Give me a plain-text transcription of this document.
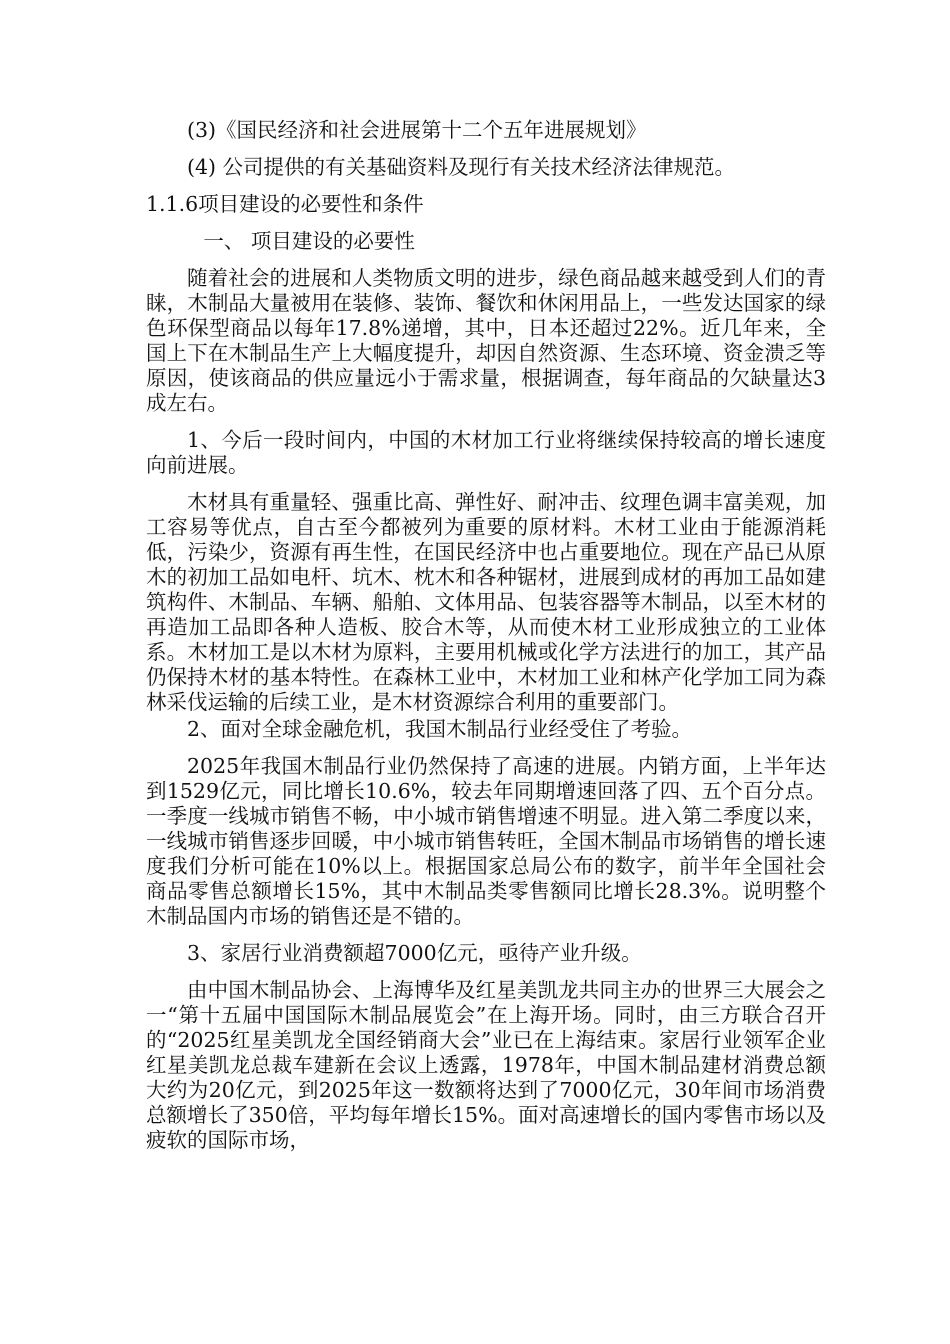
(3)《国民经济和社会进展第十二个五年进展规划》

(4) 公司提供的有关基础资料及现行有关技术经济法律规范。

1.1.6项目建设的必要性和条件

一、 项目建设的必要性

随着社会的进展和人类物质文明的进步，绿色商品越来越受到人们的青睐，木制品大量被用在装修、装饰、餐饮和休闲用品上，一些发达国家的绿色环保型商品以每年17.8%递增，其中，日本还超过22%。近几年来，全国上下在木制品生产上大幅度提升，却因自然资源、生态环境、资金溃乏等原因，使该商品的供应量远小于需求量，根据调查，每年商品的欠缺量达3成左右。

1、今后一段时间内，中国的木材加工行业将继续保持较高的增长速度向前进展。

木材具有重量轻、强重比高、弹性好、耐冲击、纹理色调丰富美观，加工容易等优点，自古至今都被列为重要的原材料。木材工业由于能源消耗低，污染少，资源有再生性，在国民经济中也占重要地位。现在产品已从原木的初加工品如电杆、坑木、枕木和各种锯材，进展到成材的再加工品如建筑构件、木制品、车辆、船舶、文体用品、包装容器等木制品，以至木材的再造加工品即各种人造板、胶合木等，从而使木材工业形成独立的工业体系。木材加工是以木材为原料，主要用机械或化学方法进行的加工，其产品仍保持木材的基本特性。在森林工业中，木材加工业和林产化学加工同为森林采伐运输的后续工业，是木材资源综合利用的重要部门。

2、面对全球金融危机，我国木制品行业经受住了考验。

2025年我国木制品行业仍然保持了高速的进展。内销方面，上半年达到1529亿元，同比增长10.6%，较去年同期增速回落了四、五个百分点。一季度一线城市销售不畅，中小城市销售增速不明显。进入第二季度以来，一线城市销售逐步回暖，中小城市销售转旺，全国木制品市场销售的增长速度我们分析可能在10%以上。根据国家总局公布的数字，前半年全国社会商品零售总额增长15%，其中木制品类零售额同比增长28.3%。说明整个木制品国内市场的销售还是不错的。

3、家居行业消费额超7000亿元，亟待产业升级。

由中国木制品协会、上海博华及红星美凯龙共同主办的世界三大展会之一“第十五届中国国际木制品展览会”在上海开场。同时，由三方联合召开的“2025红星美凯龙全国经销商大会”业已在上海结束。家居行业领军企业红星美凯龙总裁车建新在会议上透露，1978年，中国木制品建材消费总额大约为20亿元，到2025年这一数额将达到了7000亿元，30年间市场消费总额增长了350倍，平均每年增长15%。面对高速增长的国内零售市场以及疲软的国际市场，
